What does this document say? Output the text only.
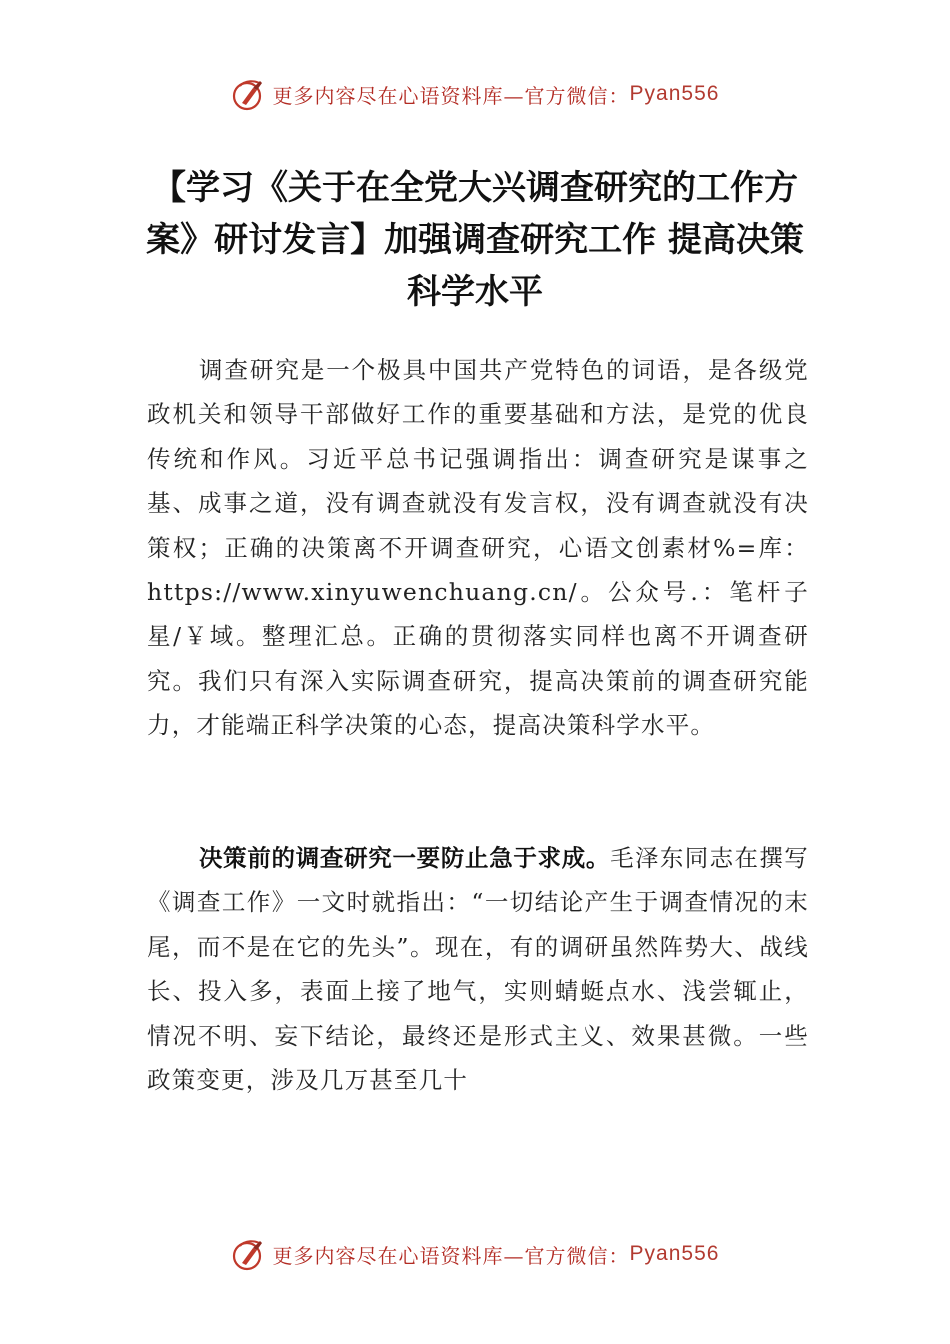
更多内容尽在心语资料库—官方微信： Pyan556
【学习《关于在全党大兴调查研究的工作方案》研讨发言】加强调查研究工作 提高决策科学水平

调查研究是一个极具中国共产党特色的词语，是各级党政机关和领导干部做好工作的重要基础和方法，是党的优良传统和作风。习近平总书记强调指出：调查研究是谋事之基、成事之道，没有调查就没有发言权，没有调查就没有决策权；正确的决策离不开调查研究，心语文创素材%=库：https://www.xinyuwenchuang.cn/。公众号.：笔杆子星/￥域。整理汇总。正确的贯彻落实同样也离不开调查研究。我们只有深入实际调查研究，提高决策前的调查研究能力，才能端正科学决策的心态，提高决策科学水平。

决策前的调查研究一要防止急于求成。毛泽东同志在撰写《调查工作》一文时就指出：“一切结论产生于调查情况的末尾，而不是在它的先头”。现在，有的调研虽然阵势大、战线长、投入多，表面上接了地气，实则蜻蜓点水、浅尝辄止，情况不明、妄下结论，最终还是形式主义、效果甚微。一些政策变更，涉及几万甚至几十

更多内容尽在心语资料库—官方微信： Pyan556
